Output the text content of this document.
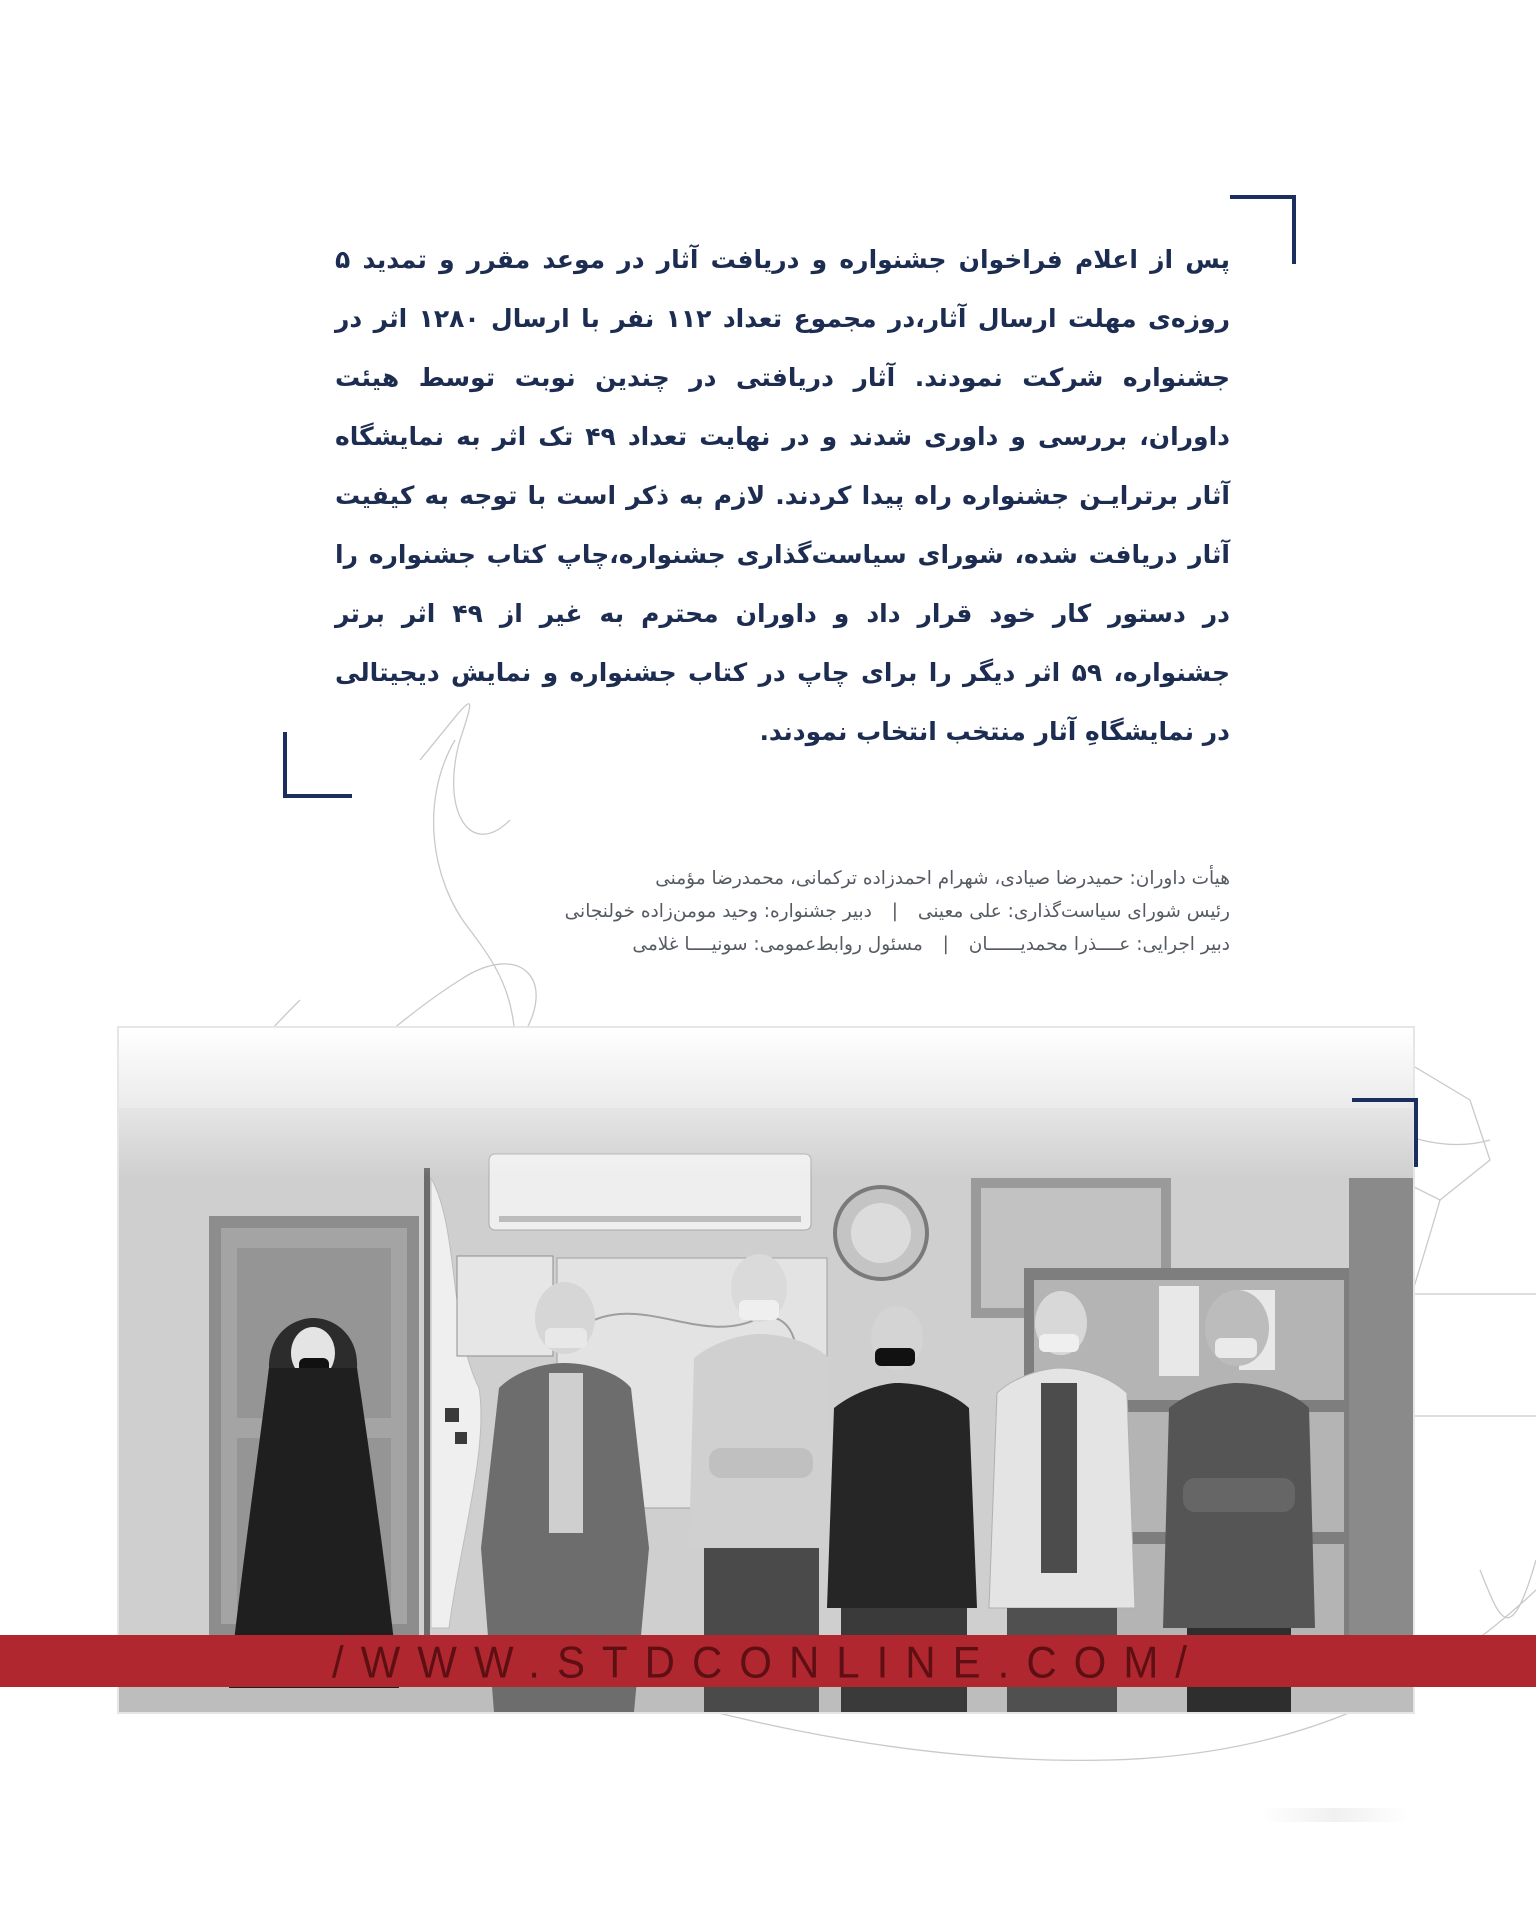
پس از اعلام فراخوان جشنواره و دریافت آثار در موعد مقرر و تمدید ۵ روزه‌ی مهلت ارسال آثار،در مجموع تعداد ۱۱۲ نفر با ارسال ۱۲۸۰ اثر در جشنواره شرکت نمودند. آثار دریافتی در چندین نوبت توسط هیئت داوران، بررسی و داوری شدند و در نهایت تعداد ۴۹ تک اثر به نمایشگاه آثار برترایـن جشنواره راه پیدا کردند. لازم به ذکر است با توجه به کیفیت آثار دریافت شده، شورای سیاست‌گذاری جشنواره،چاپ کتاب جشنواره را در دستور کار خود قرار داد و داوران محترم به غیر از ۴۹ اثر برتر جشنواره، ۵۹ اثر دیگر را برای چاپ در کتاب جشنواره و نمایش دیجیتالی در نمایشگاهِ آثار منتخب انتخاب نمودند.

هیأت داوران: حمیدرضا صیادی، شهرام احمدزاده ترکمانی، محمدرضا مؤمنی
رئیس شورای سیاست‌گذاری: علی معینی | دبیر جشنواره: وحید مومن‌زاده خولنجانی
دبیر اجرایی: عــــذرا محمدیــــــان | مسئول روابط‌عمومی: سونیــــا غلامی
/WWW.STDCONLINE.COM/
